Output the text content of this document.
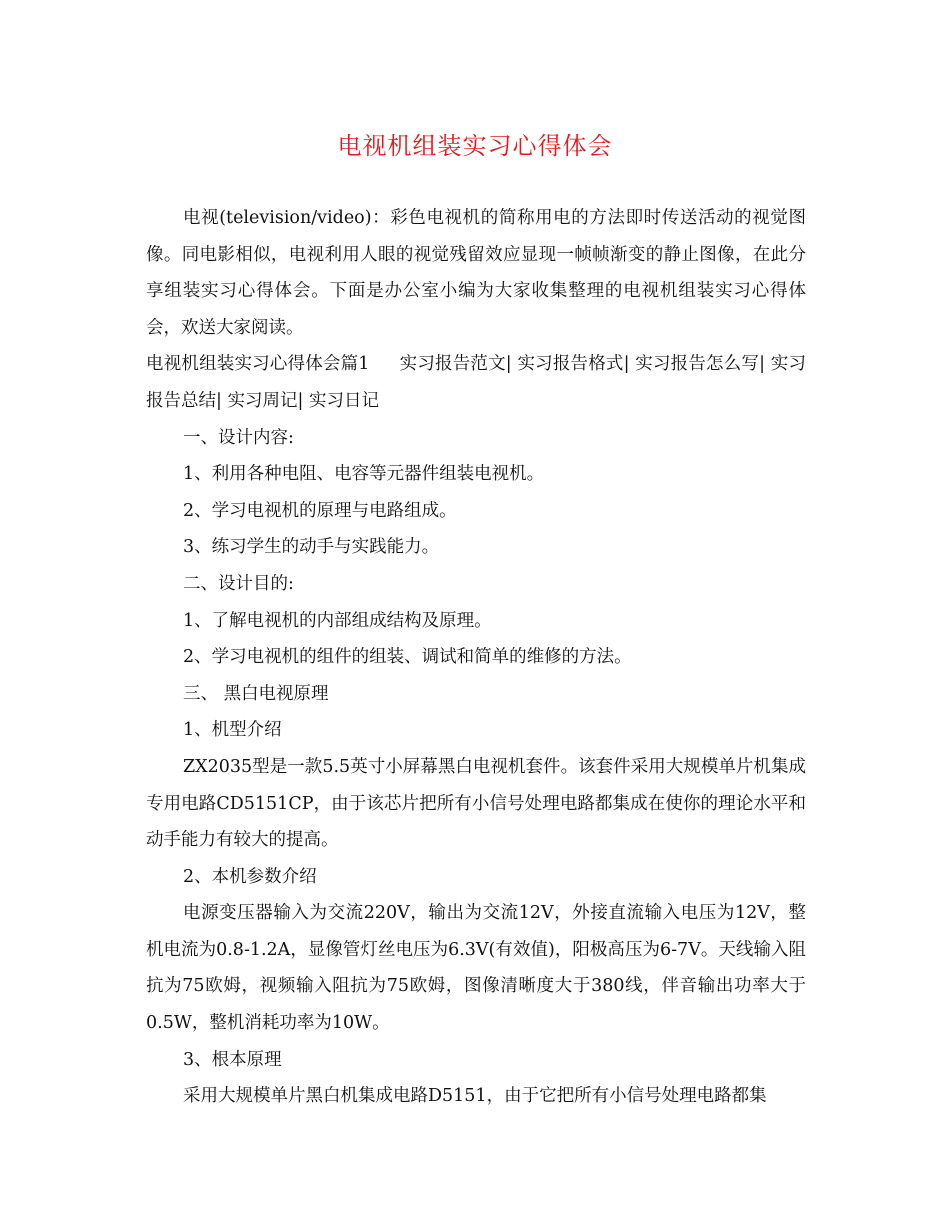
电视机组装实习心得体会

电视(television/video)：彩色电视机的简称用电的方法即时传送活动的视觉图像。同电影相似，电视利用人眼的视觉残留效应显现一帧帧渐变的静止图像，在此分享组装实习心得体会。下面是办公室小编为大家收集整理的电视机组装实习心得体会，欢送大家阅读。

电视机组装实习心得体会篇1 实习报告范文| 实习报告格式| 实习报告怎么写| 实习报告总结| 实习周记| 实习日记

一、设计内容:

1、利用各种电阻、电容等元器件组装电视机。

2、学习电视机的原理与电路组成。

3、练习学生的动手与实践能力。

二、设计目的:

1、了解电视机的内部组成结构及原理。

2、学习电视机的组件的组装、调试和简单的维修的方法。

三、 黑白电视原理

1、机型介绍

ZX2035型是一款5.5英寸小屏幕黑白电视机套件。该套件采用大规模单片机集成专用电路CD5151CP，由于该芯片把所有小信号处理电路都集成在使你的理论水平和动手能力有较大的提高。

2、本机参数介绍

电源变压器输入为交流220V，输出为交流12V，外接直流输入电压为12V，整机电流为0.8-1.2A，显像管灯丝电压为6.3V(有效值)，阳极高压为6-7V。天线输入阻抗为75欧姆，视频输入阻抗为75欧姆，图像清晰度大于380线，伴音输出功率大于0.5W，整机消耗功率为10W。

3、根本原理

采用大规模单片黑白机集成电路D5151，由于它把所有小信号处理电路都集
